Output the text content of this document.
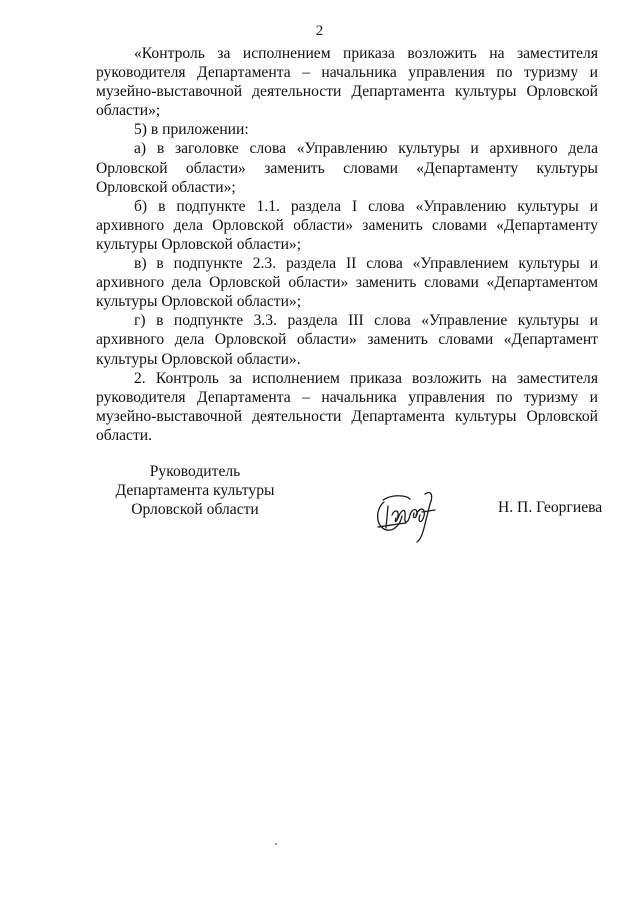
2

«Контроль за исполнением приказа возложить на заместителя руководителя Департамента – начальника управления по туризму и музейно-выставочной деятельности Департамента культуры Орловской области»;

5) в приложении:

а) в заголовке слова «Управлению культуры и архивного дела Орловской области» заменить словами «Департаменту культуры Орловской области»;

б) в подпункте 1.1. раздела I слова «Управлению культуры и архивного дела Орловской области» заменить словами «Департаменту культуры Орловской области»;

в) в подпункте 2.3. раздела II слова «Управлением культуры и архивного дела Орловской области» заменить словами «Департаментом культуры Орловской области»;

г) в подпункте 3.3. раздела III слова «Управление культуры и архивного дела Орловской области» заменить словами «Департамент культуры Орловской области».

2. Контроль за исполнением приказа возложить на заместителя руководителя Департамента – начальника управления по туризму и музейно-выставочной деятельности Департамента культуры Орловской области.

Руководитель
Департамента культуры
Орловской области	Н. П. Георгиева
